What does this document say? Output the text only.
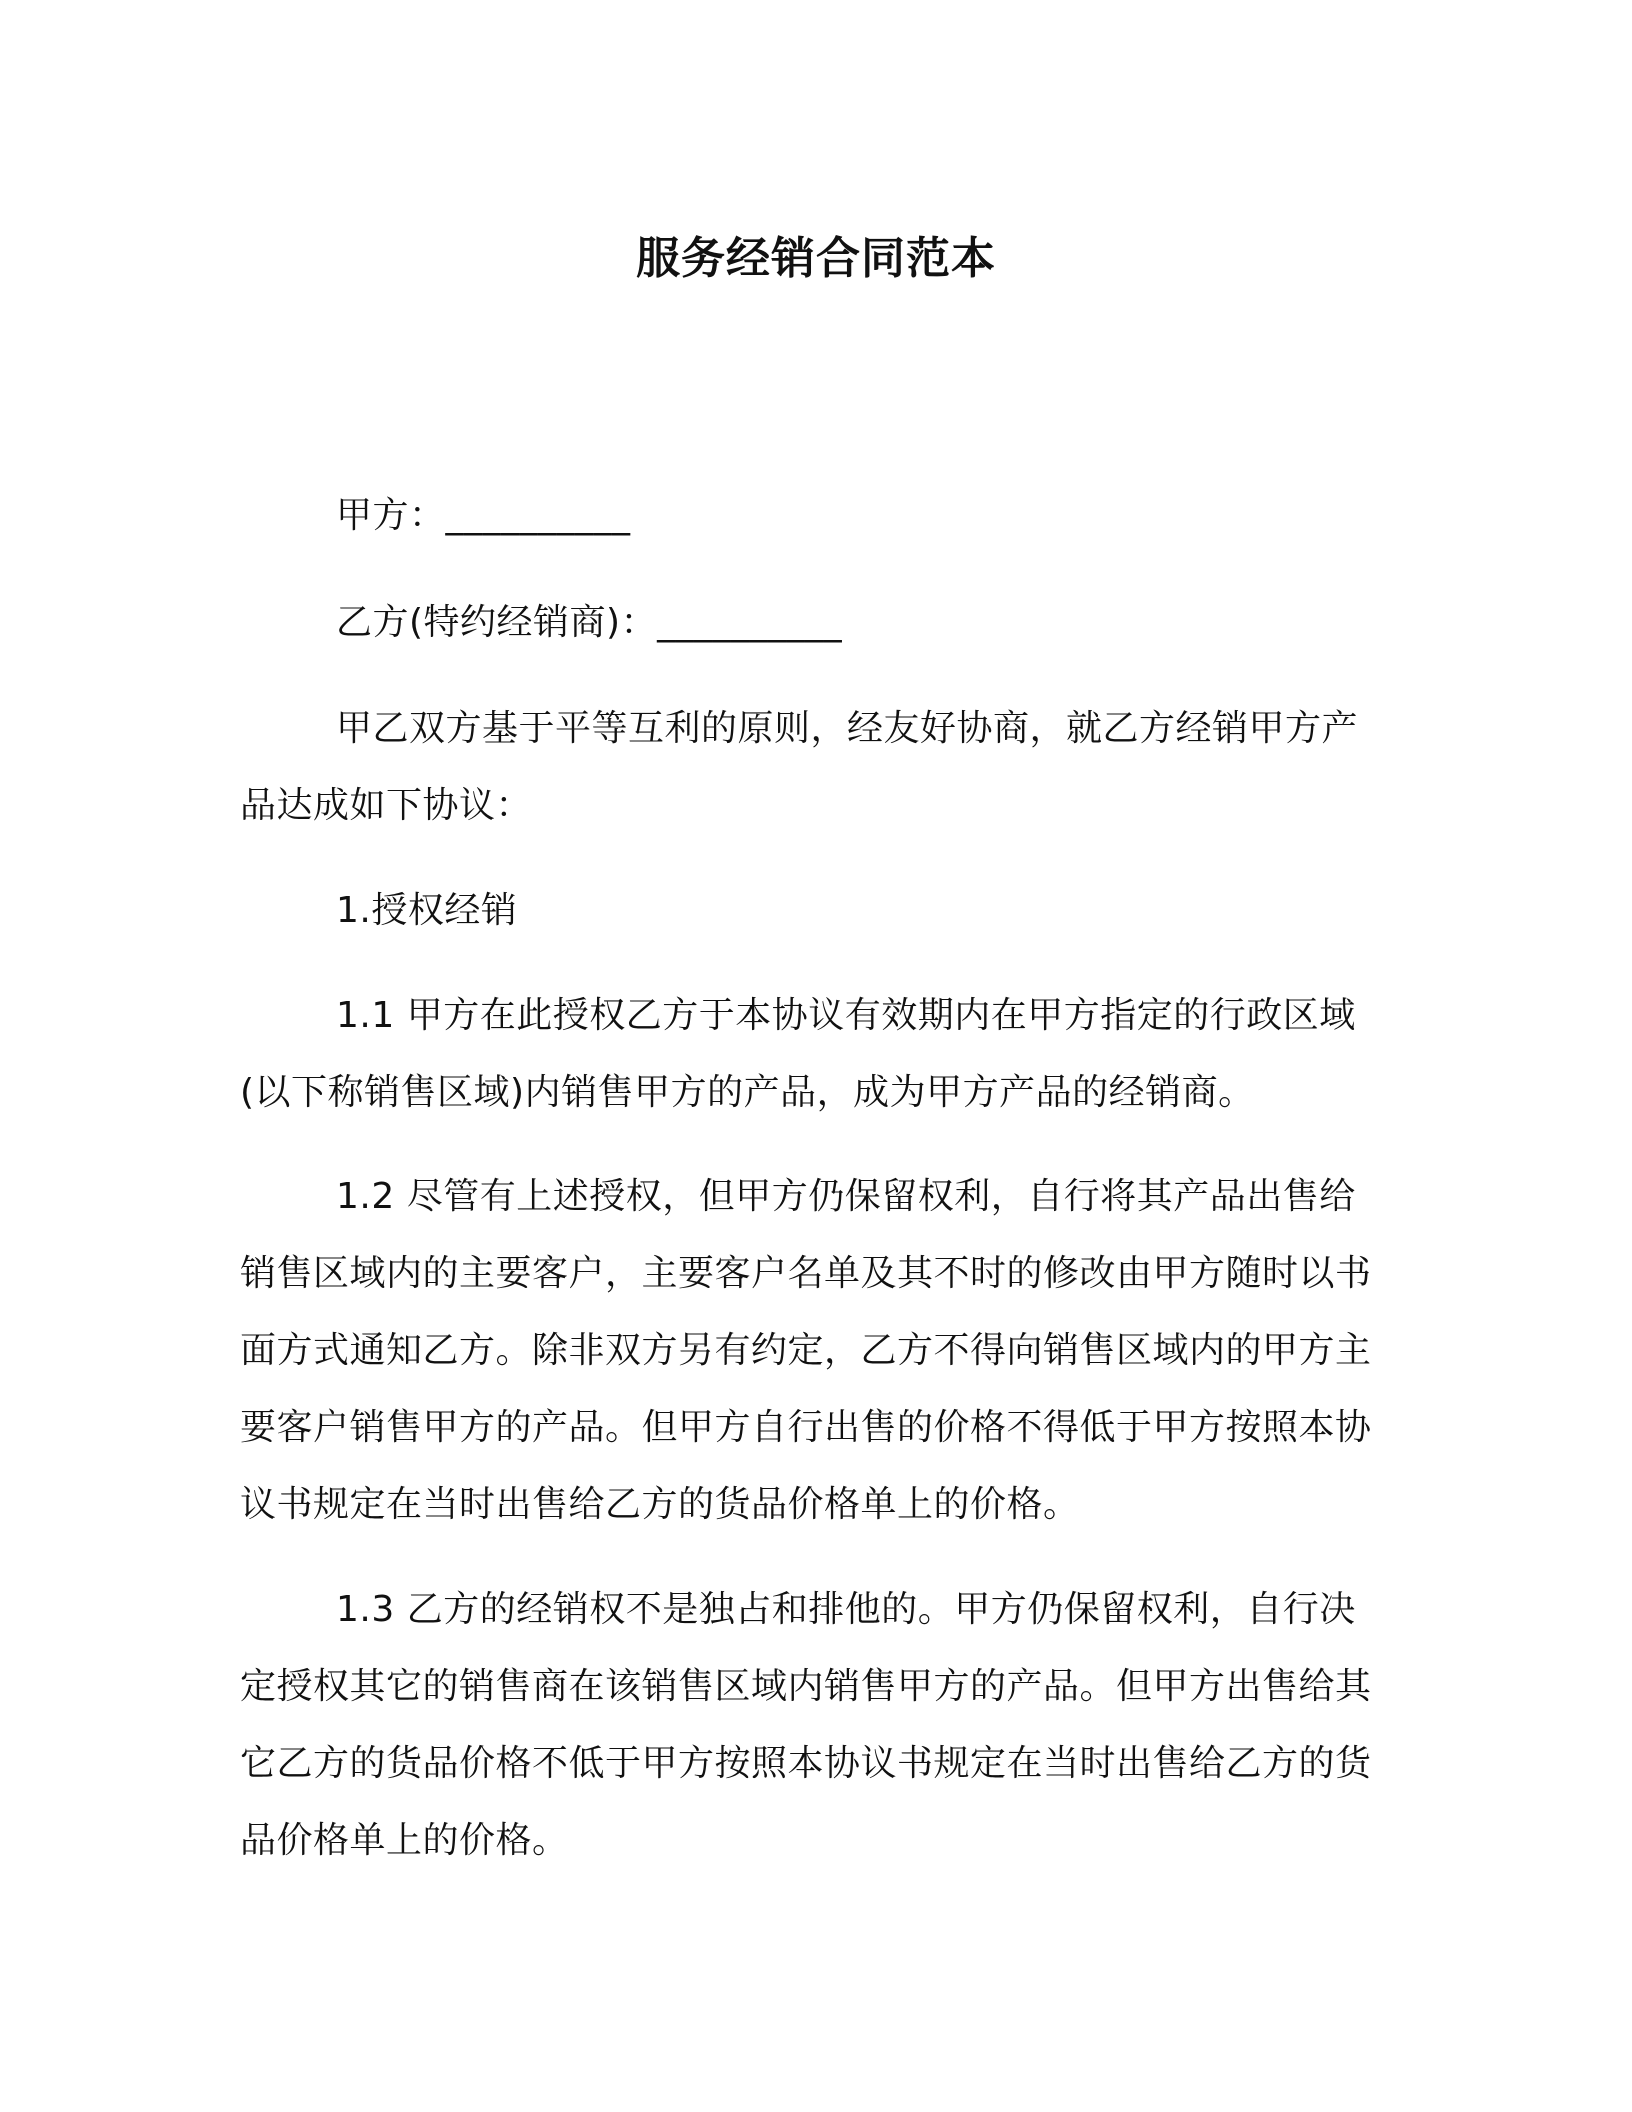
服务经销合同范本

甲方：__________

乙方(特约经销商)：__________

甲乙双方基于平等互利的原则，经友好协商，就乙方经销甲方产品达成如下协议：

1.授权经销

1.1 甲方在此授权乙方于本协议有效期内在甲方指定的行政区域(以下称销售区域)内销售甲方的产品，成为甲方产品的经销商。

1.2 尽管有上述授权，但甲方仍保留权利，自行将其产品出售给销售区域内的主要客户，主要客户名单及其不时的修改由甲方随时以书面方式通知乙方。除非双方另有约定，乙方不得向销售区域内的甲方主要客户销售甲方的产品。但甲方自行出售的价格不得低于甲方按照本协议书规定在当时出售给乙方的货品价格单上的价格。

1.3 乙方的经销权不是独占和排他的。甲方仍保留权利，自行决定授权其它的销售商在该销售区域内销售甲方的产品。但甲方出售给其它乙方的货品价格不低于甲方按照本协议书规定在当时出售给乙方的货品价格单上的价格。
